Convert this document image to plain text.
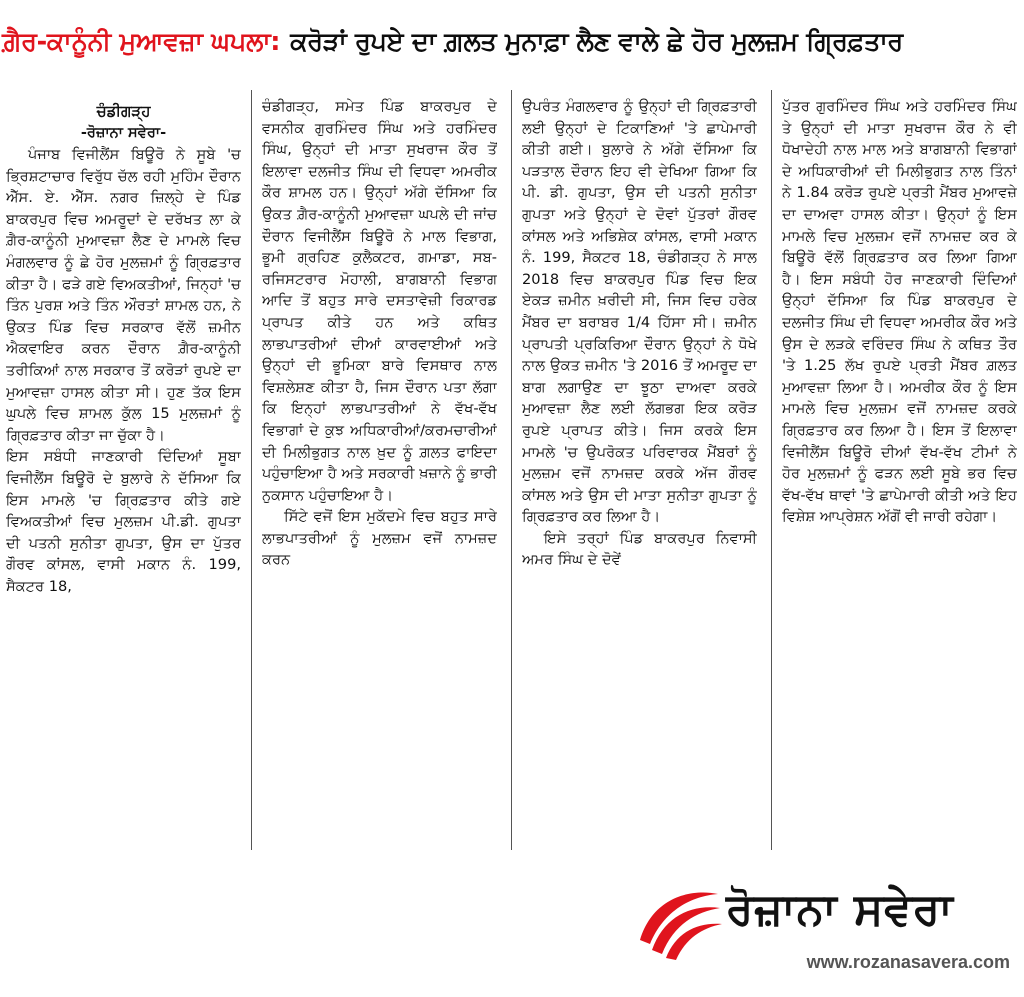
ਗ਼ੈਰ-ਕਾਨੂੰਨੀ ਮੁਆਵਜ਼ਾ ਘਪਲਾ: ਕਰੋੜਾਂ ਰੁਪਏ ਦਾ ਗ਼ਲਤ ਮੁਨਾਫ਼ਾ ਲੈਣ ਵਾਲੇ ਛੇ ਹੋਰ ਮੁਲਜ਼ਮ ਗ੍ਰਿਫ਼ਤਾਰ
ਚੰਡੀਗੜ੍ਹ
-ਰੋਜ਼ਾਨਾ ਸਵੇਰਾ-

ਪੰਜਾਬ ਵਿਜੀਲੈਂਸ ਬਿਊਰੋ ਨੇ ਸੂਬੇ 'ਚ ਭ੍ਰਿਸ਼ਟਾਚਾਰ ਵਿਰੁੱਧ ਚੱਲ ਰਹੀ ਮੁਹਿੰਮ ਦੌਰਾਨ ਐੱਸ. ਏ. ਐੱਸ. ਨਗਰ ਜ਼ਿਲ੍ਹੇ ਦੇ ਪਿੰਡ ਬਾਕਰਪੁਰ ਵਿਚ ਅਮਰੂਦਾਂ ਦੇ ਦਰੱਖਤ ਲਾ ਕੇ ਗ਼ੈਰ-ਕਾਨੂੰਨੀ ਮੁਆਵਜ਼ਾ ਲੈਣ ਦੇ ਮਾਮਲੇ ਵਿਚ ਮੰਗਲਵਾਰ ਨੂੰ ਛੇ ਹੋਰ ਮੁਲਜ਼ਮਾਂ ਨੂੰ ਗ੍ਰਿਫ਼ਤਾਰ ਕੀਤਾ ਹੈ। ਫੜੇ ਗਏ ਵਿਅਕਤੀਆਂ, ਜਿਨ੍ਹਾਂ 'ਚ ਤਿੰਨ ਪੁਰਸ਼ ਅਤੇ ਤਿੰਨ ਔਰਤਾਂ ਸ਼ਾਮਲ ਹਨ, ਨੇ ਉਕਤ ਪਿੰਡ ਵਿਚ ਸਰਕਾਰ ਵੱਲੋਂ ਜ਼ਮੀਨ ਐਕਵਾਇਰ ਕਰਨ ਦੌਰਾਨ ਗ਼ੈਰ-ਕਾਨੂੰਨੀ ਤਰੀਕਿਆਂ ਨਾਲ ਸਰਕਾਰ ਤੋਂ ਕਰੋੜਾਂ ਰੁਪਏ ਦਾ ਮੁਆਵਜ਼ਾ ਹਾਸਲ ਕੀਤਾ ਸੀ। ਹੁਣ ਤੱਕ ਇਸ ਘੁਪਲੇ ਵਿਚ ਸ਼ਾਮਲ ਕੁੱਲ 15 ਮੁਲਜ਼ਮਾਂ ਨੂੰ ਗ੍ਰਿਫ਼ਤਾਰ ਕੀਤਾ ਜਾ ਚੁੱਕਾ ਹੈ।

ਇਸ ਸਬੰਧੀ ਜਾਣਕਾਰੀ ਦਿੰਦਿਆਂ ਸੂਬਾ ਵਿਜੀਲੈਂਸ ਬਿਊਰੋ ਦੇ ਬੁਲਾਰੇ ਨੇ ਦੱਸਿਆ ਕਿ ਇਸ ਮਾਮਲੇ 'ਚ ਗ੍ਰਿਫ਼ਤਾਰ ਕੀਤੇ ਗਏ ਵਿਅਕਤੀਆਂ ਵਿਚ ਮੁਲਜ਼ਮ ਪੀ.ਡੀ. ਗੁਪਤਾ ਦੀ ਪਤਨੀ ਸੁਨੀਤਾ ਗੁਪਤਾ, ਉਸ ਦਾ ਪੁੱਤਰ ਗੌਰਵ ਕਾਂਸਲ, ਵਾਸੀ ਮਕਾਨ ਨੰ. 199, ਸੈਕਟਰ 18,

ਚੰਡੀਗੜ੍ਹ, ਸਮੇਤ ਪਿੰਡ ਬਾਕਰਪੁਰ ਦੇ ਵਸਨੀਕ ਗੁਰਮਿੰਦਰ ਸਿੰਘ ਅਤੇ ਹਰਮਿੰਦਰ ਸਿੰਘ, ਉਨ੍ਹਾਂ ਦੀ ਮਾਤਾ ਸੁਖਰਾਜ ਕੌਰ ਤੋਂ ਇਲਾਵਾ ਦਲਜੀਤ ਸਿੰਘ ਦੀ ਵਿਧਵਾ ਅਮਰੀਕ ਕੌਰ ਸ਼ਾਮਲ ਹਨ। ਉਨ੍ਹਾਂ ਅੱਗੇ ਦੱਸਿਆ ਕਿ ਉਕਤ ਗ਼ੈਰ-ਕਾਨੂੰਨੀ ਮੁਆਵਜ਼ਾ ਘਪਲੇ ਦੀ ਜਾਂਚ ਦੌਰਾਨ ਵਿਜੀਲੈਂਸ ਬਿਊਰੋ ਨੇ ਮਾਲ ਵਿਭਾਗ, ਭੂਮੀ ਗ੍ਰਹਿਣ ਕੁਲੈਕਟਰ, ਗਮਾਡਾ, ਸਬ-ਰਜਿਸਟਰਾਰ ਮੋਹਾਲੀ, ਬਾਗਬਾਨੀ ਵਿਭਾਗ ਆਦਿ ਤੋਂ ਬਹੁਤ ਸਾਰੇ ਦਸਤਾਵੇਜ਼ੀ ਰਿਕਾਰਡ ਪ੍ਰਾਪਤ ਕੀਤੇ ਹਨ ਅਤੇ ਕਥਿਤ ਲਾਭਪਾਤਰੀਆਂ ਦੀਆਂ ਕਾਰਵਾਈਆਂ ਅਤੇ ਉਨ੍ਹਾਂ ਦੀ ਭੂਮਿਕਾ ਬਾਰੇ ਵਿਸਥਾਰ ਨਾਲ ਵਿਸ਼ਲੇਸ਼ਣ ਕੀਤਾ ਹੈ, ਜਿਸ ਦੌਰਾਨ ਪਤਾ ਲੱਗਾ ਕਿ ਇਨ੍ਹਾਂ ਲਾਭਪਾਤਰੀਆਂ ਨੇ ਵੱਖ-ਵੱਖ ਵਿਭਾਗਾਂ ਦੇ ਕੁਝ ਅਧਿਕਾਰੀਆਂ/ਕਰਮਚਾਰੀਆਂ ਦੀ ਮਿਲੀਭੁਗਤ ਨਾਲ ਖ਼ੁਦ ਨੂੰ ਗ਼ਲਤ ਫਾਇਦਾ ਪਹੁੰਚਾਇਆ ਹੈ ਅਤੇ ਸਰਕਾਰੀ ਖ਼ਜ਼ਾਨੇ ਨੂੰ ਭਾਰੀ ਨੁਕਸਾਨ ਪਹੁੰਚਾਇਆ ਹੈ।

ਸਿੱਟੇ ਵਜੋਂ ਇਸ ਮੁਕੱਦਮੇ ਵਿਚ ਬਹੁਤ ਸਾਰੇ ਲਾਭਪਾਤਰੀਆਂ ਨੂੰ ਮੁਲਜ਼ਮ ਵਜੋਂ ਨਾਮਜ਼ਦ ਕਰਨ

ਉਪਰੰਤ ਮੰਗਲਵਾਰ ਨੂੰ ਉਨ੍ਹਾਂ ਦੀ ਗ੍ਰਿਫ਼ਤਾਰੀ ਲਈ ਉਨ੍ਹਾਂ ਦੇ ਟਿਕਾਣਿਆਂ 'ਤੇ ਛਾਪੇਮਾਰੀ ਕੀਤੀ ਗਈ। ਬੁਲਾਰੇ ਨੇ ਅੱਗੇ ਦੱਸਿਆ ਕਿ ਪੜਤਾਲ ਦੌਰਾਨ ਇਹ ਵੀ ਦੇਖਿਆ ਗਿਆ ਕਿ ਪੀ. ਡੀ. ਗੁਪਤਾ, ਉਸ ਦੀ ਪਤਨੀ ਸੁਨੀਤਾ ਗੁਪਤਾ ਅਤੇ ਉਨ੍ਹਾਂ ਦੇ ਦੋਵਾਂ ਪੁੱਤਰਾਂ ਗੌਰਵ ਕਾਂਸਲ ਅਤੇ ਅਭਿਸ਼ੇਕ ਕਾਂਸਲ, ਵਾਸੀ ਮਕਾਨ ਨੰ. 199, ਸੈਕਟਰ 18, ਚੰਡੀਗੜ੍ਹ ਨੇ ਸਾਲ 2018 ਵਿਚ ਬਾਕਰਪੁਰ ਪਿੰਡ ਵਿਚ ਇਕ ਏਕੜ ਜ਼ਮੀਨ ਖ਼ਰੀਦੀ ਸੀ, ਜਿਸ ਵਿਚ ਹਰੇਕ ਮੈਂਬਰ ਦਾ ਬਰਾਬਰ 1/4 ਹਿੱਸਾ ਸੀ। ਜ਼ਮੀਨ ਪ੍ਰਾਪਤੀ ਪ੍ਰਕਿਰਿਆ ਦੌਰਾਨ ਉਨ੍ਹਾਂ ਨੇ ਧੋਖੇ ਨਾਲ ਉਕਤ ਜ਼ਮੀਨ 'ਤੇ 2016 ਤੋਂ ਅਮਰੂਦ ਦਾ ਬਾਗ ਲਗਾਉਣ ਦਾ ਝੂਠਾ ਦਾਅਵਾ ਕਰਕੇ ਮੁਆਵਜ਼ਾ ਲੈਣ ਲਈ ਲੱਗਭਗ ਇਕ ਕਰੋੜ ਰੁਪਏ ਪ੍ਰਾਪਤ ਕੀਤੇ। ਜਿਸ ਕਰਕੇ ਇਸ ਮਾਮਲੇ 'ਚ ਉਪਰੋਕਤ ਪਰਿਵਾਰਕ ਮੈਂਬਰਾਂ ਨੂੰ ਮੁਲਜ਼ਮ ਵਜੋਂ ਨਾਮਜ਼ਦ ਕਰਕੇ ਅੱਜ ਗੌਰਵ ਕਾਂਸਲ ਅਤੇ ਉਸ ਦੀ ਮਾਤਾ ਸੁਨੀਤਾ ਗੁਪਤਾ ਨੂੰ ਗ੍ਰਿਫ਼ਤਾਰ ਕਰ ਲਿਆ ਹੈ।

ਇਸੇ ਤਰ੍ਹਾਂ ਪਿੰਡ ਬਾਕਰਪੁਰ ਨਿਵਾਸੀ ਅਮਰ ਸਿੰਘ ਦੇ ਦੋਵੇਂ

ਪੁੱਤਰ ਗੁਰਮਿੰਦਰ ਸਿੰਘ ਅਤੇ ਹਰਮਿੰਦਰ ਸਿੰਘ ਤੇ ਉਨ੍ਹਾਂ ਦੀ ਮਾਤਾ ਸੁਖਰਾਜ ਕੌਰ ਨੇ ਵੀ ਧੋਖਾਦੇਹੀ ਨਾਲ ਮਾਲ ਅਤੇ ਬਾਗਬਾਨੀ ਵਿਭਾਗਾਂ ਦੇ ਅਧਿਕਾਰੀਆਂ ਦੀ ਮਿਲੀਭੁਗਤ ਨਾਲ ਤਿੰਨਾਂ ਨੇ 1.84 ਕਰੋੜ ਰੁਪਏ ਪ੍ਰਤੀ ਮੈਂਬਰ ਮੁਆਵਜ਼ੇ ਦਾ ਦਾਅਵਾ ਹਾਸਲ ਕੀਤਾ। ਉਨ੍ਹਾਂ ਨੂੰ ਇਸ ਮਾਮਲੇ ਵਿਚ ਮੁਲਜ਼ਮ ਵਜੋਂ ਨਾਮਜ਼ਦ ਕਰ ਕੇ ਬਿਊਰੋ ਵੱਲੋਂ ਗ੍ਰਿਫ਼ਤਾਰ ਕਰ ਲਿਆ ਗਿਆ ਹੈ। ਇਸ ਸਬੰਧੀ ਹੋਰ ਜਾਣਕਾਰੀ ਦਿੰਦਿਆਂ ਉਨ੍ਹਾਂ ਦੱਸਿਆ ਕਿ ਪਿੰਡ ਬਾਕਰਪੁਰ ਦੇ ਦਲਜੀਤ ਸਿੰਘ ਦੀ ਵਿਧਵਾ ਅਮਰੀਕ ਕੌਰ ਅਤੇ ਉਸ ਦੇ ਲੜਕੇ ਵਰਿੰਦਰ ਸਿੰਘ ਨੇ ਕਥਿਤ ਤੌਰ 'ਤੇ 1.25 ਲੱਖ ਰੁਪਏ ਪ੍ਰਤੀ ਮੈਂਬਰ ਗ਼ਲਤ ਮੁਆਵਜ਼ਾ ਲਿਆ ਹੈ। ਅਮਰੀਕ ਕੌਰ ਨੂੰ ਇਸ ਮਾਮਲੇ ਵਿਚ ਮੁਲਜ਼ਮ ਵਜੋਂ ਨਾਮਜ਼ਦ ਕਰਕੇ ਗ੍ਰਿਫ਼ਤਾਰ ਕਰ ਲਿਆ ਹੈ। ਇਸ ਤੋਂ ਇਲਾਵਾ ਵਿਜੀਲੈਂਸ ਬਿਊਰੋ ਦੀਆਂ ਵੱਖ-ਵੱਖ ਟੀਮਾਂ ਨੇ ਹੋਰ ਮੁਲਜ਼ਮਾਂ ਨੂੰ ਫੜਨ ਲਈ ਸੂਬੇ ਭਰ ਵਿਚ ਵੱਖ-ਵੱਖ ਥਾਵਾਂ 'ਤੇ ਛਾਪੇਮਾਰੀ ਕੀਤੀ ਅਤੇ ਇਹ ਵਿਸ਼ੇਸ਼ ਆਪ੍ਰੇਸ਼ਨ ਅੱਗੋਂ ਵੀ ਜਾਰੀ ਰਹੇਗਾ।

ਰੋਜ਼ਾਨਾ ਸਵੇਰਾ
www.rozanasavera.com
